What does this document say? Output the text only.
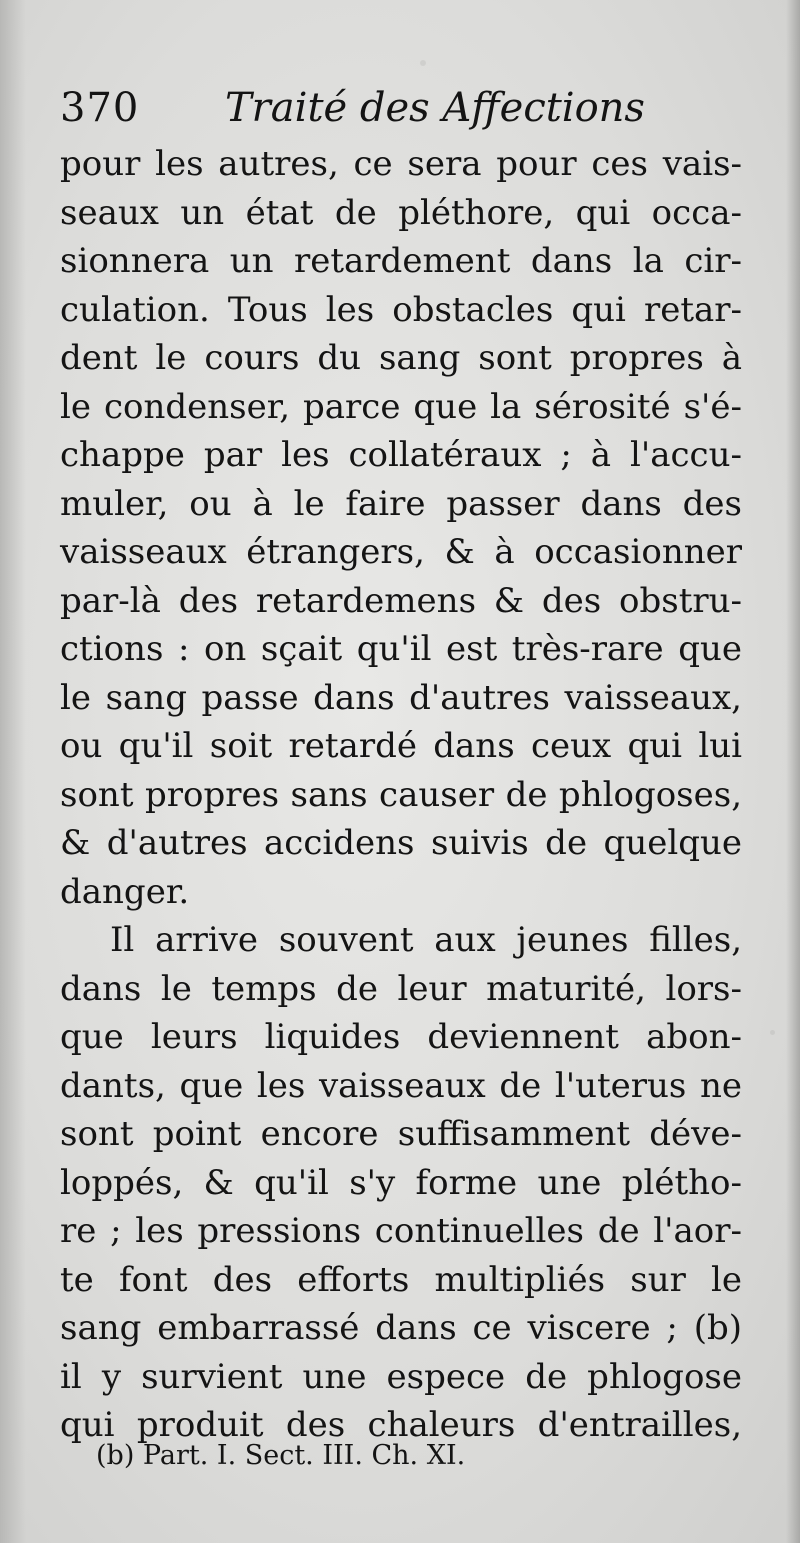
370 Traité des Affections
pour les autres, ce sera pour ces vais-
seaux un état de pléthore, qui occa-
sionnera un retardement dans la cir-
culation. Tous les obstacles qui retar-
dent le cours du sang sont propres à
le condenser, parce que la sérosité s'é-
chappe par les collatéraux ; à l'accu-
muler, ou à le faire passer dans des
vaisseaux étrangers, & à occasionner
par-là des retardemens & des obstru-
ctions : on sçait qu'il est très-rare que
le sang passe dans d'autres vaisseaux,
ou qu'il soit retardé dans ceux qui lui
sont propres sans causer de phlogoses,
& d'autres accidens suivis de quelque
danger.
Il arrive souvent aux jeunes filles,
dans le temps de leur maturité, lors-
que leurs liquides deviennent abon-
dants, que les vaisseaux de l'uterus ne
sont point encore suffisamment déve-
loppés, & qu'il s'y forme une plétho-
re ; les pressions continuelles de l'aor-
te font des efforts multipliés sur le
sang embarrassé dans ce viscere ; (b)
il y survient une espece de phlogose
qui produit des chaleurs d'entrailles,
(b) Part. I. Sect. III. Ch. XI.
